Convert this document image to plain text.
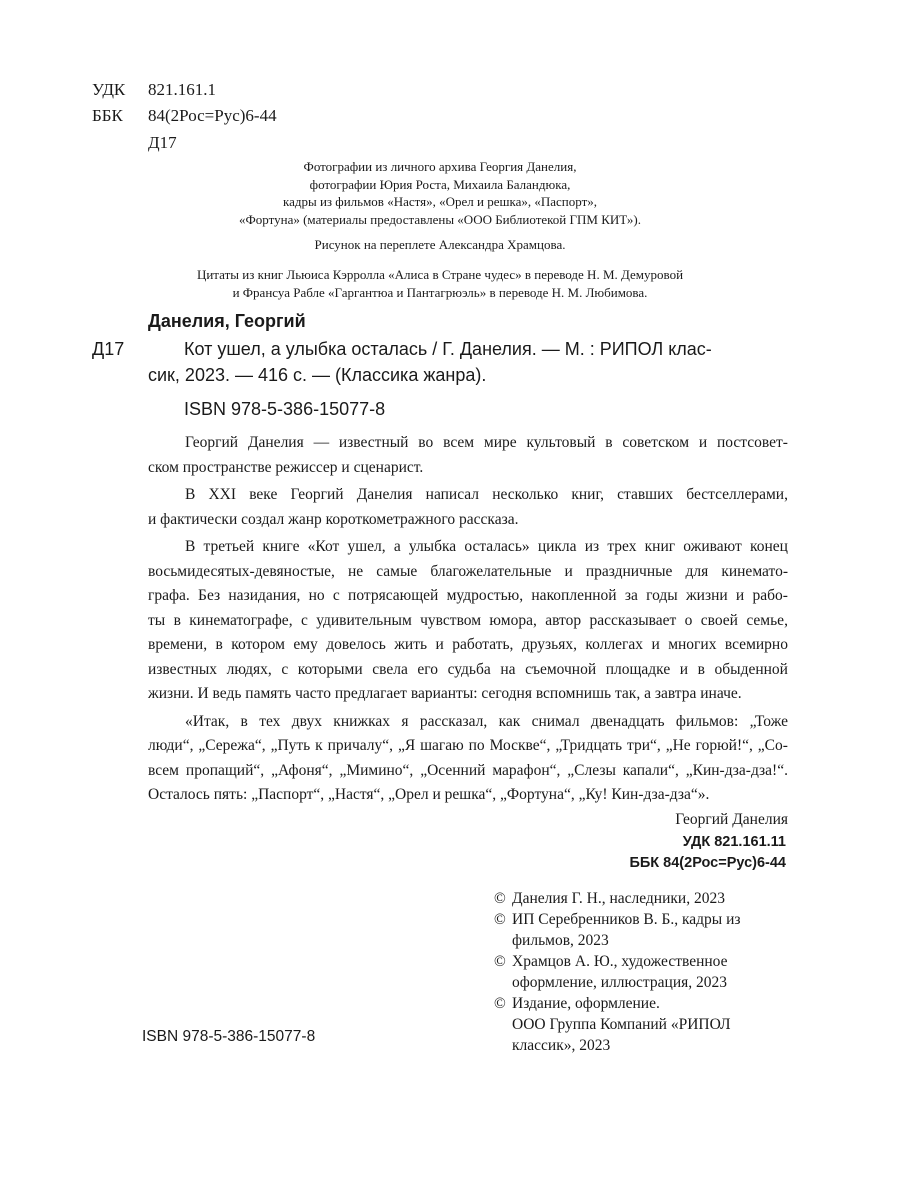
УДК 821.161.1
ББК 84(2Рос=Рус)6-44
Д17
Фотографии из личного архива Георгия Данелия,
фотографии Юрия Роста, Михаила Баландюка,
кадры из фильмов «Настя», «Орел и решка», «Паспорт»,
«Фортуна» (материалы предоставлены «ООО Библиотекой ГПМ КИТ»).
Рисунок на переплете Александра Храмцова.
Цитаты из книг Льюиса Кэрролла «Алиса в Стране чудес» в переводе Н. М. Демуровой
и Франсуа Рабле «Гаргантюа и Пантагрюэль» в переводе Н. М. Любимова.
Данелия, Георгий
Д17	Кот ушел, а улыбка осталась / Г. Данелия. — М. : РИПОЛ клас-
сик, 2023. — 416 с. — (Классика жанра).
ISBN 978-5-386-15077-8
Георгий Данелия — известный во всем мире культовый в советском и постсовет-
ском пространстве режиссер и сценарист.
В XXI веке Георгий Данелия написал несколько книг, ставших бестселлерами,
и фактически создал жанр короткометражного рассказа.
В третьей книге «Кот ушел, а улыбка осталась» цикла из трех книг оживают конец
восьмидесятых-девяностые, не самые благожелательные и праздничные для кинемато-
графа. Без назидания, но с потрясающей мудростью, накопленной за годы жизни и рабо-
ты в кинематографе, с удивительным чувством юмора, автор рассказывает о своей семье,
времени, в котором ему довелось жить и работать, друзьях, коллегах и многих всемирно
известных людях, с которыми свела его судьба на съемочной площадке и в обыденной
жизни. И ведь память часто предлагает варианты: сегодня вспомнишь так, а завтра иначе.
«Итак, в тех двух книжках я рассказал, как снимал двенадцать фильмов: „Тоже
люди“, „Сережа“, „Путь к причалу“, „Я шагаю по Москве“, „Тридцать три“, „Не горюй!“, „Со-
всем пропащий“, „Афоня“, „Мимино“, „Осенний марафон“, „Слезы капали“, „Кин-дза-дза!“.
Осталось пять: „Паспорт“, „Настя“, „Орел и решка“, „Фортуна“, „Ку! Кин-дза-дза“».
Георгий Данелия
УДК 821.161.11
ББК 84(2Рос=Рус)6-44
© Данелия Г. Н., наследники, 2023
© ИП Серебренников В. Б., кадры из
фильмов, 2023
© Храмцов А. Ю., художественное
оформление, иллюстрация, 2023
© Издание, оформление.
ООО Группа Компаний «РИПОЛ
классик», 2023
ISBN 978-5-386-15077-8
